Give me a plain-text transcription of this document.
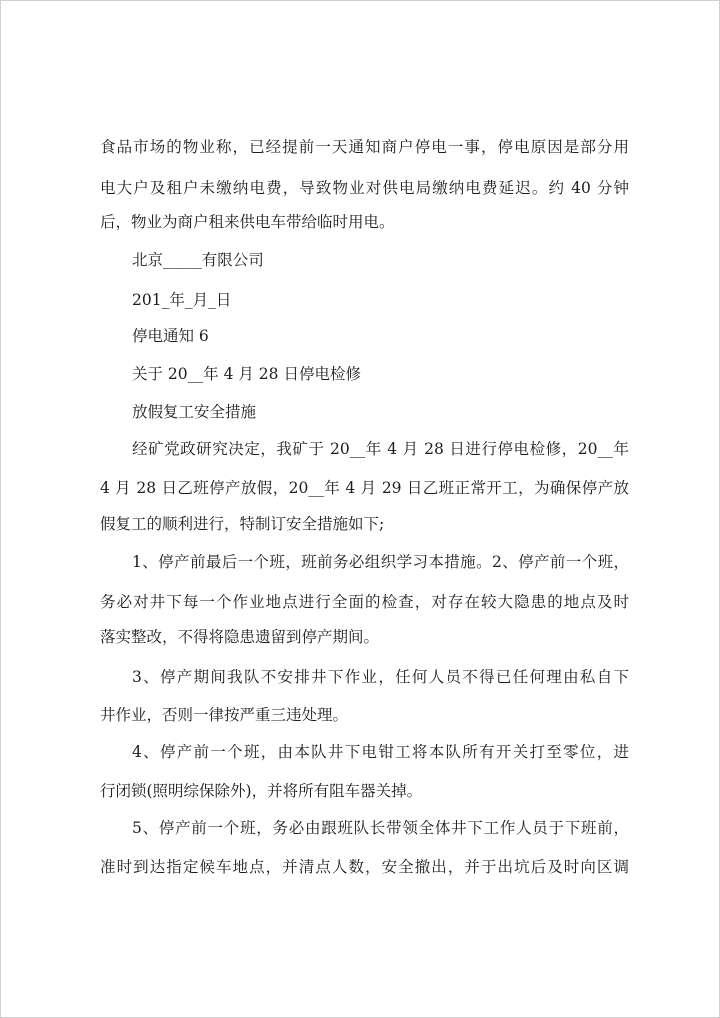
食品市场的物业称，已经提前一天通知商户停电一事，停电原因是部分用

电大户及租户未缴纳电费，导致物业对供电局缴纳电费延迟。约 40 分钟

后，物业为商户租来供电车带给临时用电。

北京_____有限公司

201_年_月_日

停电通知 6

关于 20__年 4 月 28 日停电检修

放假复工安全措施

经矿党政研究决定，我矿于 20__年 4 月 28 日进行停电检修，20__年

4 月 28 日乙班停产放假，20__年 4 月 29 日乙班正常开工，为确保停产放

假复工的顺利进行，特制订安全措施如下;

1、停产前最后一个班，班前务必组织学习本措施。2、停产前一个班，

务必对井下每一个作业地点进行全面的检查，对存在较大隐患的地点及时

落实整改，不得将隐患遗留到停产期间。

3、停产期间我队不安排井下作业，任何人员不得已任何理由私自下

井作业，否则一律按严重三违处理。

4、停产前一个班，由本队井下电钳工将本队所有开关打至零位，进

行闭锁(照明综保除外)，并将所有阻车器关掉。

5、停产前一个班，务必由跟班队长带领全体井下工作人员于下班前，

准时到达指定候车地点，并清点人数，安全撤出，并于出坑后及时向区调
